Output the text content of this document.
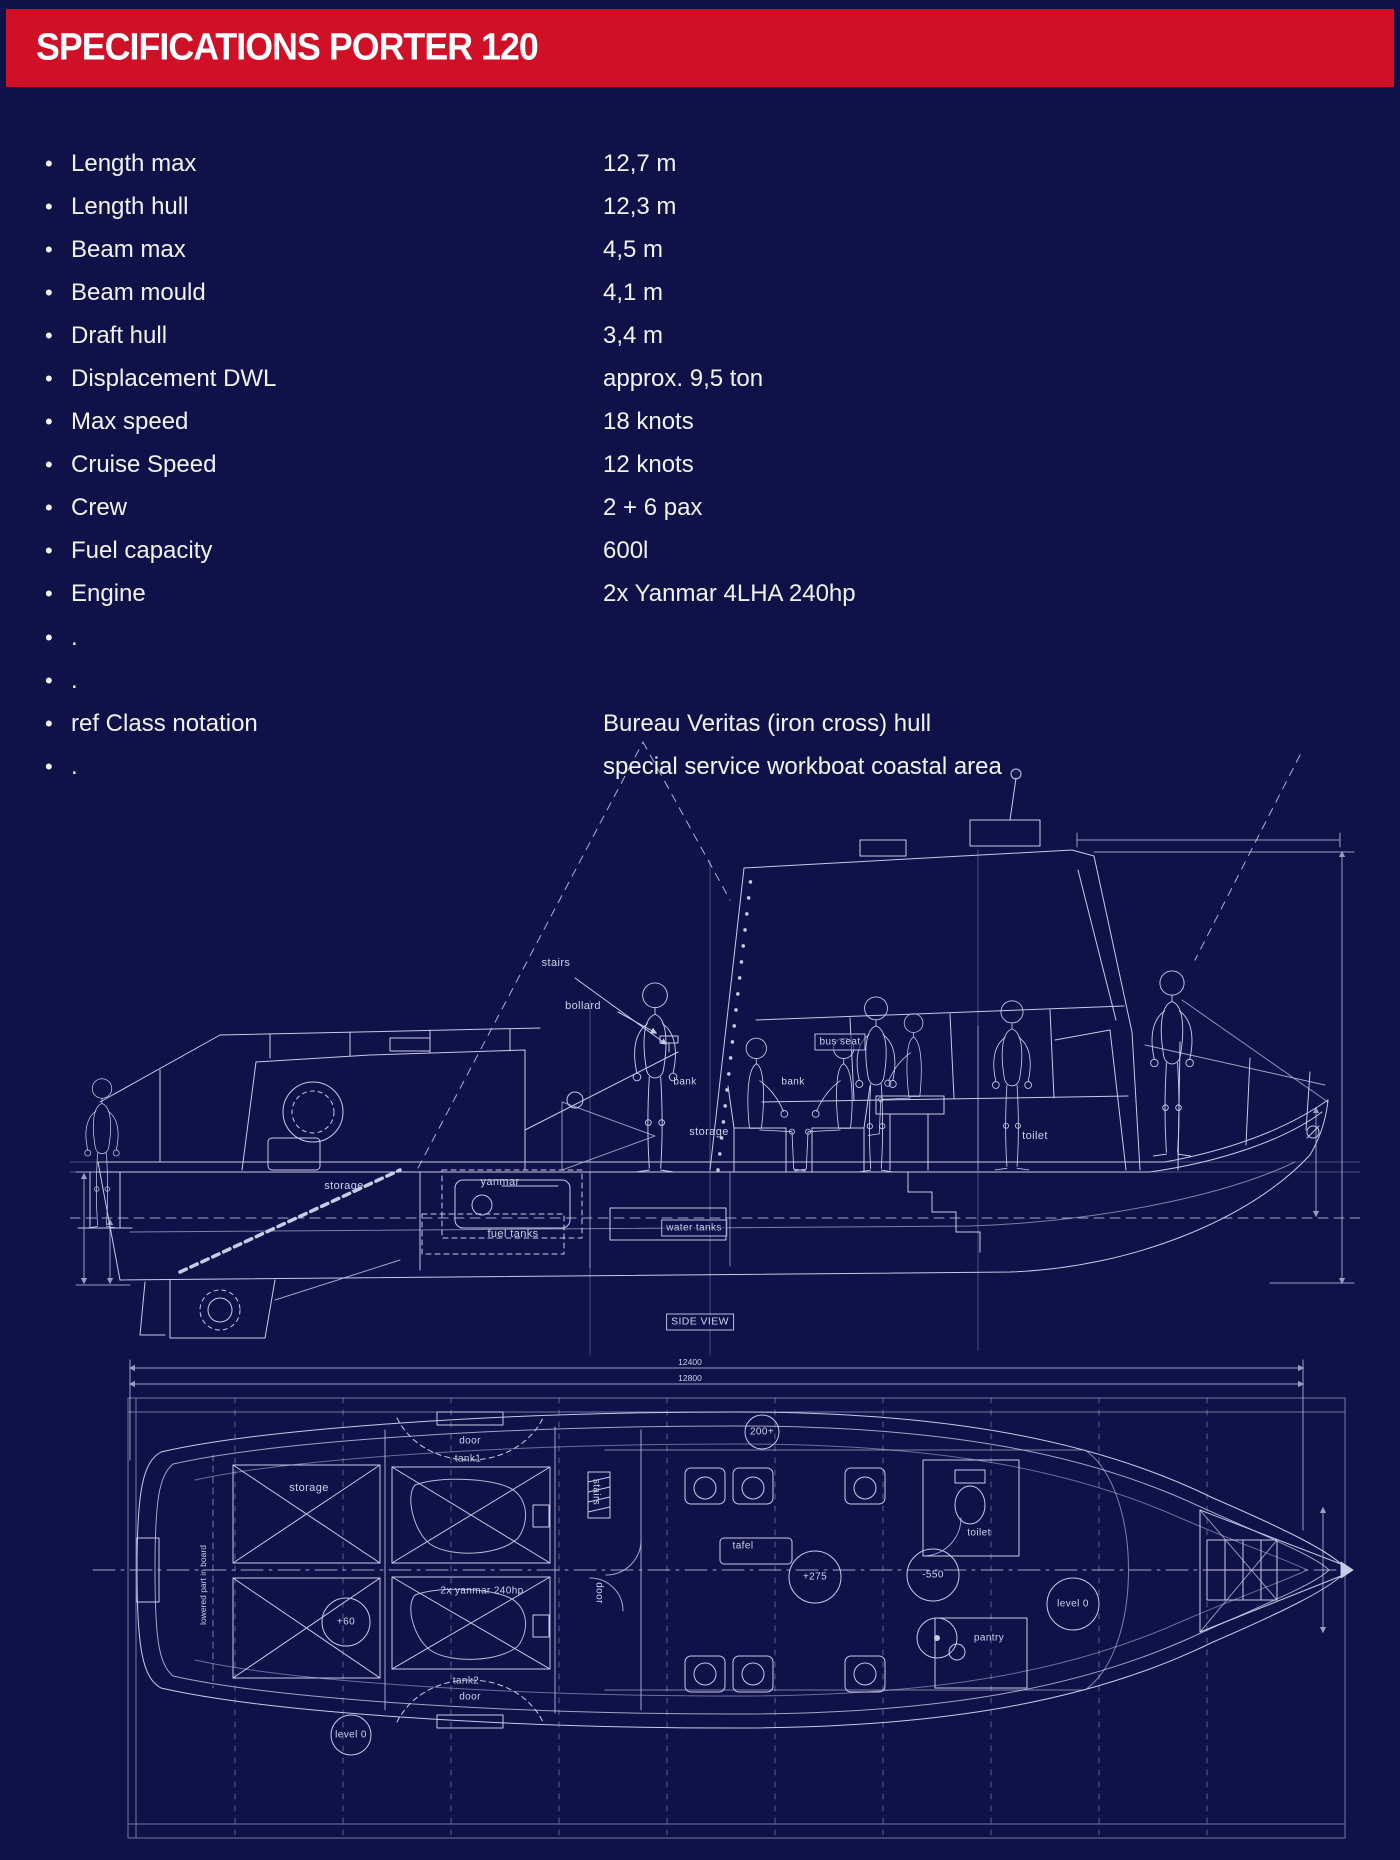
SPECIFICATIONS PORTER 120
• Length max	12,7 m
• Length hull	12,3 m
• Beam max	4,5 m
• Beam mould	4,1 m
• Draft hull	3,4 m
• Displacement DWL	approx. 9,5 ton
• Max speed	18 knots
• Cruise Speed	12 knots
• Crew	2 + 6 pax
• Fuel capacity	600l
• Engine	2x Yanmar 4LHA 240hp
• .
• .
• ref Class notation	Bureau Veritas (iron cross) hull
• .	special service workboat coastal area
stairs
bollard
bank	bank
bus seat
storage	toilet
storage	yanmar
fuel tanks	water tanks
SIDE VIEW
12400
12800
200+
door
tank1
storage	stairs
lowered part in board	2x yanmar 240hp	door
+60
tafel
+275	-550
toilet
pantry
level 0
tank2
door
level 0
